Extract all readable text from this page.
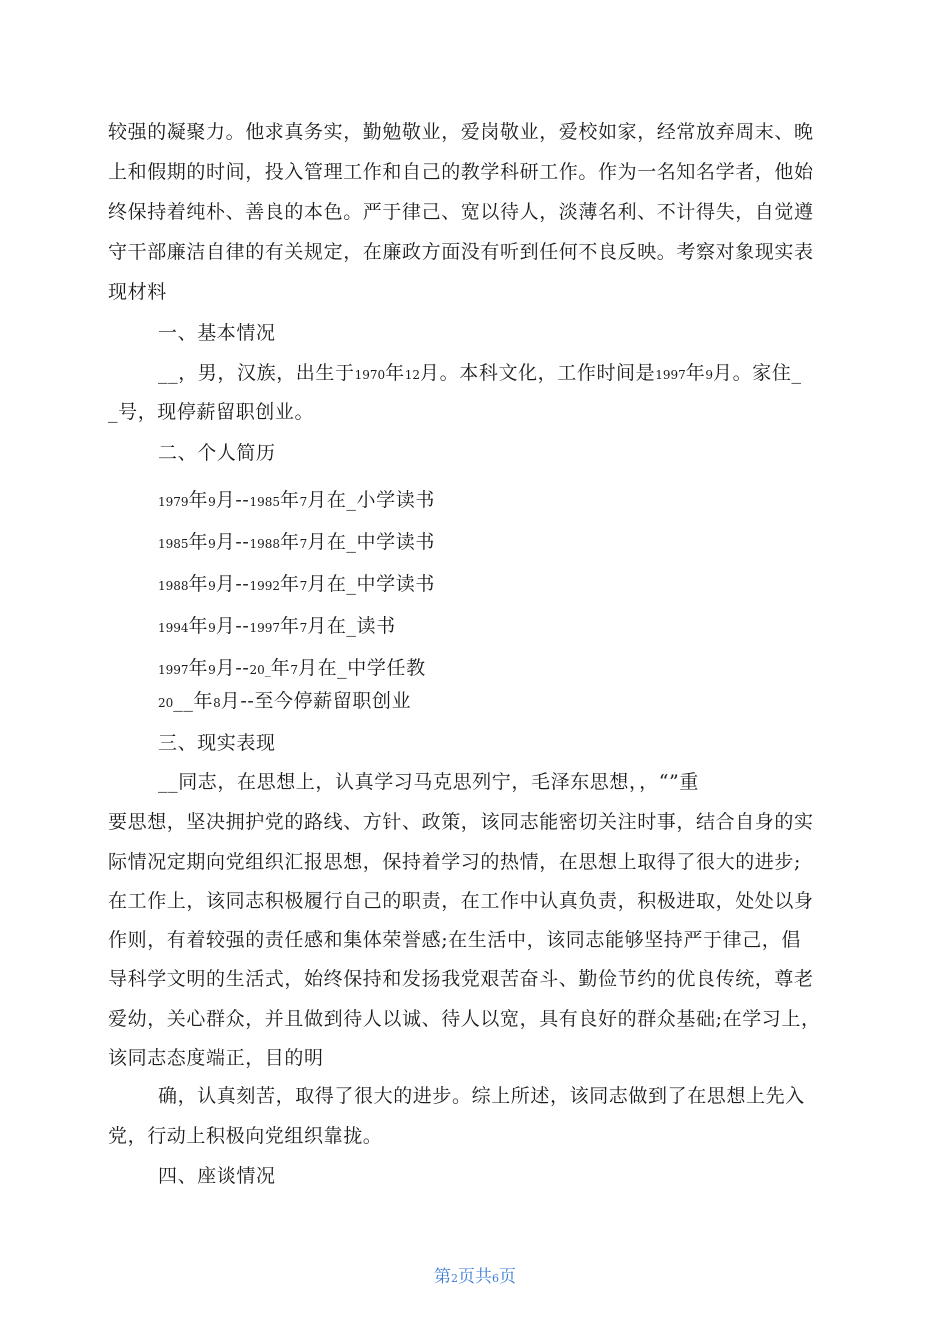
较强的凝聚力。他求真务实，勤勉敬业，爱岗敬业，爱校如家，经常放弃周末、晚
上和假期的时间，投入管理工作和自己的教学科研工作。作为一名知名学者，他始
终保持着纯朴、善良的本色。严于律己、宽以待人，淡薄名利、不计得失，自觉遵
守干部廉洁自律的有关规定，在廉政方面没有听到任何不良反映。考察对象现实表
现材料
一、基本情况
__，男，汉族，出生于1970年12月。本科文化，工作时间是1997年9月。家住_
_号，现停薪留职创业。
二、个人简历
1979年9月--1985年7月在_小学读书
1985年9月--1988年7月在_中学读书
1988年9月--1992年7月在_中学读书
1994年9月--1997年7月在_读书
1997年9月--20_年7月在_中学任教
20__年8月--至今停薪留职创业
三、现实表现
__同志，在思想上，认真学习马克思列宁，毛泽东思想，，“”重
要思想，坚决拥护党的路线、方针、政策，该同志能密切关注时事，结合自身的实
际情况定期向党组织汇报思想，保持着学习的热情，在思想上取得了很大的进步;
在工作上，该同志积极履行自己的职责，在工作中认真负责，积极进取，处处以身
作则，有着较强的责任感和集体荣誉感;在生活中，该同志能够坚持严于律己，倡
导科学文明的生活式，始终保持和发扬我党艰苦奋斗、勤俭节约的优良传统，尊老
爱幼，关心群众，并且做到待人以诚、待人以宽，具有良好的群众基础;在学习上，
该同志态度端正，目的明
确，认真刻苦，取得了很大的进步。综上所述，该同志做到了在思想上先入
党，行动上积极向党组织靠拢。
四、座谈情况
第2页共6页
